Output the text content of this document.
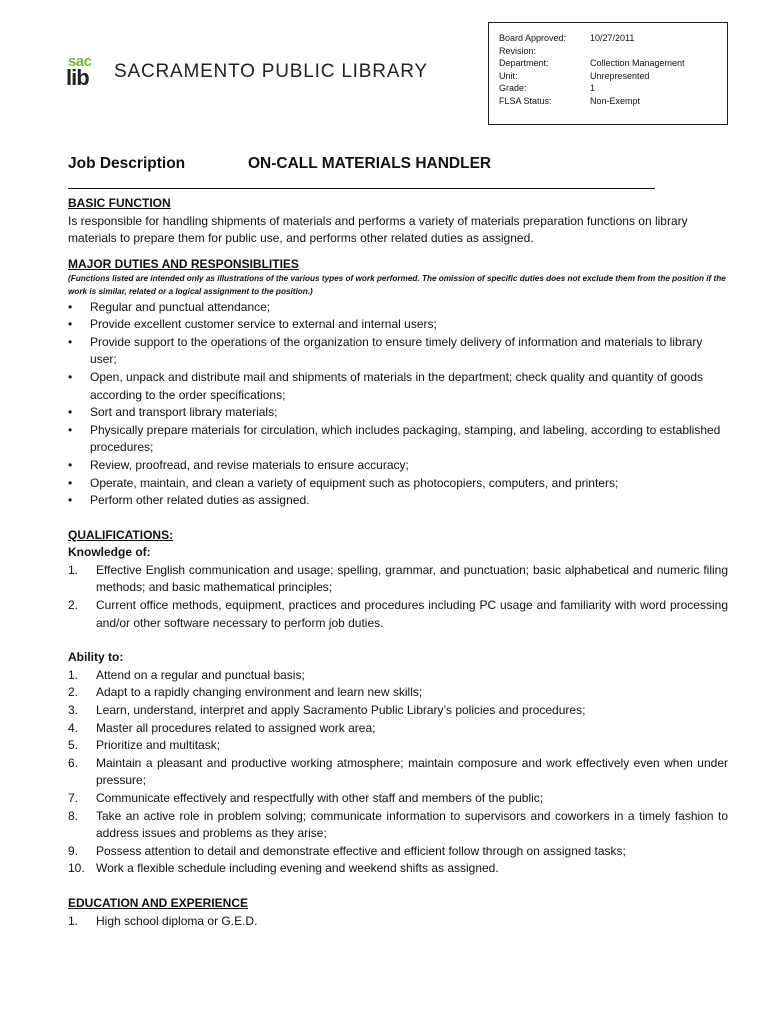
sac
lib SACRAMENTO PUBLIC LIBRARY
Board Approved:	10/27/2011
Revision:
Department:	Collection Management
Unit:	Unrepresented
Grade:	1
FLSA Status:	Non-Exempt
Job Description	ON-CALL MATERIALS HANDLER

BASIC FUNCTION

Is responsible for handling shipments of materials and performs a variety of materials preparation functions on library materials to prepare them for public use, and performs other related duties as assigned.

MAJOR DUTIES AND RESPONSIBLITIES

(Functions listed are intended only as illustrations of the various types of work performed. The omission of specific duties does not exclude them from the position if the work is similar, related or a logical assignment to the position.)

•	Regular and punctual attendance;
•	Provide excellent customer service to external and internal users;
•	Provide support to the operations of the organization to ensure timely delivery of information and materials to library user;
•	Open, unpack and distribute mail and shipments of materials in the department; check quality and quantity of goods according to the order specifications;
•	Sort and transport library materials;
•	Physically prepare materials for circulation, which includes packaging, stamping, and labeling, according to established procedures;
•	Review, proofread, and revise materials to ensure accuracy;
•	Operate, maintain, and clean a variety of equipment such as photocopiers, computers, and printers;
•	Perform other related duties as assigned.

QUALIFICATIONS:

Knowledge of:

1.	Effective English communication and usage; spelling, grammar, and punctuation; basic alphabetical and numeric filing methods; and basic mathematical principles;
2.	Current office methods, equipment, practices and procedures including PC usage and familiarity with word processing and/or other software necessary to perform job duties.

Ability to:

1.	Attend on a regular and punctual basis;
2.	Adapt to a rapidly changing environment and learn new skills;
3.	Learn, understand, interpret and apply Sacramento Public Library’s policies and procedures;
4.	Master all procedures related to assigned work area;
5.	Prioritize and multitask;
6.	Maintain a pleasant and productive working atmosphere; maintain composure and work effectively even when under pressure;
7.	Communicate effectively and respectfully with other staff and members of the public;
8.	Take an active role in problem solving; communicate information to supervisors and coworkers in a timely fashion to address issues and problems as they arise;
9.	Possess attention to detail and demonstrate effective and efficient follow through on assigned tasks;
10. Work a flexible schedule including evening and weekend shifts as assigned.

EDUCATION AND EXPERIENCE

1.	High school diploma or G.E.D.
